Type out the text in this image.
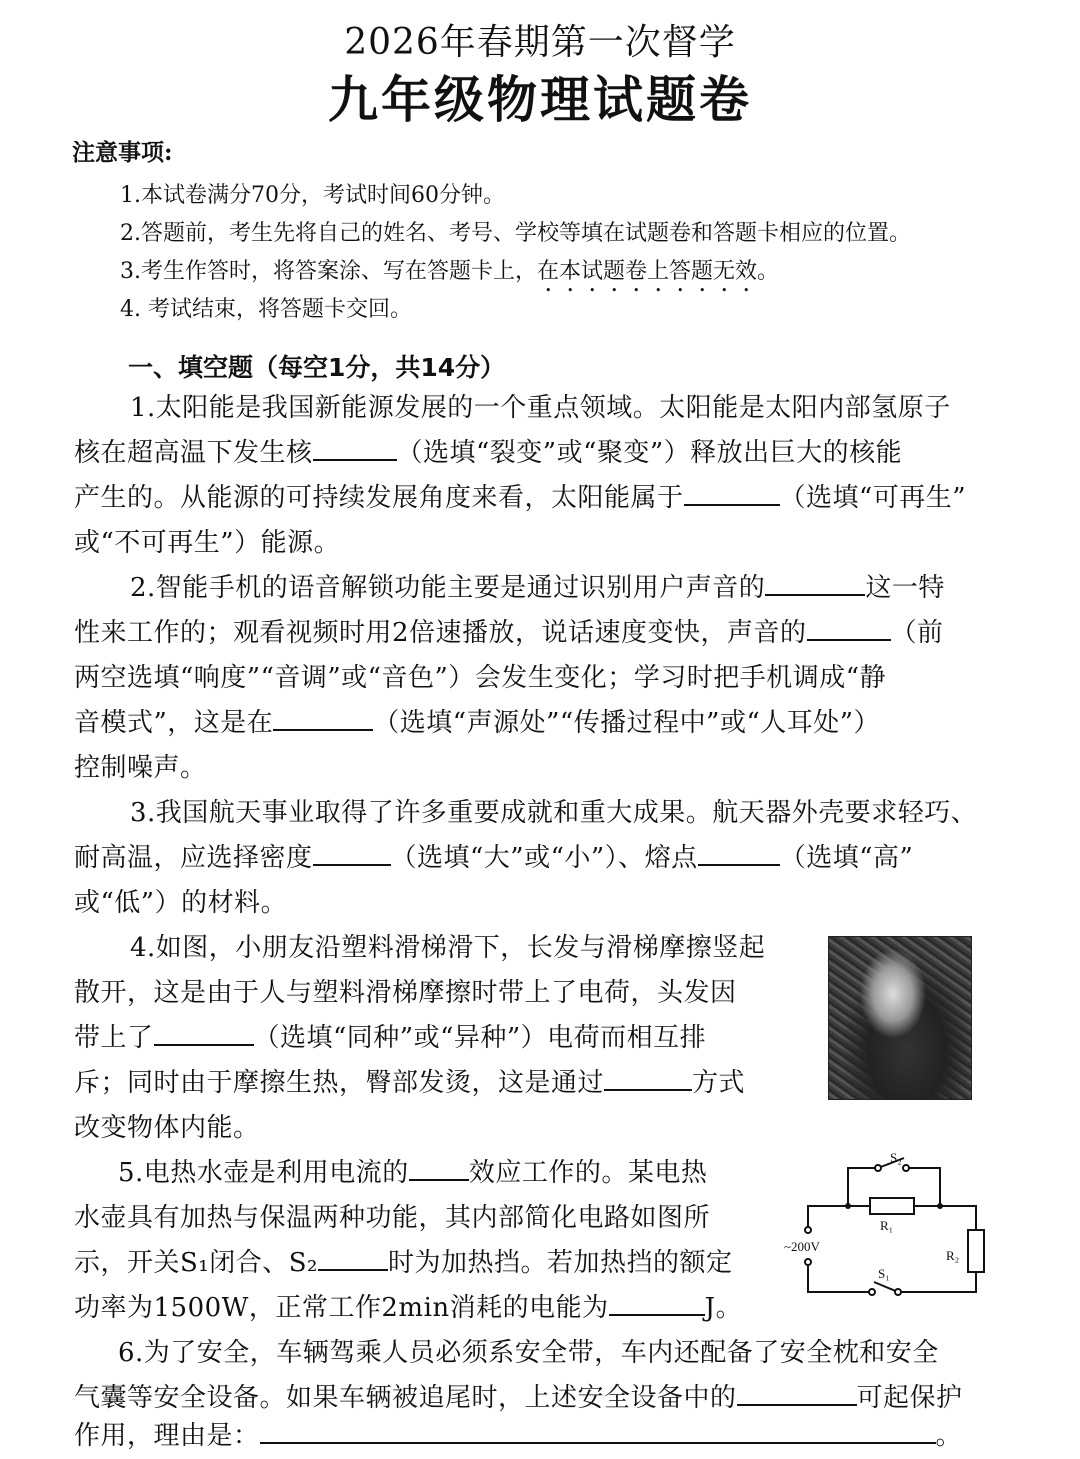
2026年春期第一次督学
九年级物理试题卷
注意事项:
1.本试卷满分70分，考试时间60分钟。
2.答题前，考生先将自己的姓名、考号、学校等填在试题卷和答题卡相应的位置。
3.考生作答时，将答案涂、写在答题卡上，在本试题卷上答题无效。
4. 考试结束，将答题卡交回。
一、填空题（每空1分，共14分）
1.太阳能是我国新能源发展的一个重点领域。太阳能是太阳内部氢原子
核在超高温下发生核	（选填“裂变”或“聚变”）释放出巨大的核能
产生的。从能源的可持续发展角度来看，太阳能属于	（选填“可再生”
或“不可再生”）能源。
2.智能手机的语音解锁功能主要是通过识别用户声音的	这一特
性来工作的；观看视频时用2倍速播放，说话速度变快，声音的	（前
两空选填“响度”“音调”或“音色”）会发生变化；学习时把手机调成“静
音模式”，这是在	（选填“声源处”“传播过程中”或“人耳处”）
控制噪声。
3.我国航天事业取得了许多重要成就和重大成果。航天器外壳要求轻巧、
耐高温，应选择密度	（选填“大”或“小”）、熔点	（选填“高”
或“低”）的材料。
4.如图，小朋友沿塑料滑梯滑下，长发与滑梯摩擦竖起
散开，这是由于人与塑料滑梯摩擦时带上了电荷，头发因
带上了	（选填“同种”或“异种”）电荷而相互排
斥；同时由于摩擦生热，臀部发烫，这是通过	方式
改变物体内能。
5.电热水壶是利用电流的 效应工作的。某电热
水壶具有加热与保温两种功能，其内部简化电路如图所
示，开关S₁闭合、S₂	时为加热挡。若加热挡的额定
功率为1500W，正常工作2min消耗的电能为	J。
S₂
R₁
R₂
S₁
~200V
6.为了安全，车辆驾乘人员必须系安全带，车内还配备了安全枕和安全
气囊等安全设备。如果车辆被追尾时，上述安全设备中的	可起保护
作用，理由是：	。
